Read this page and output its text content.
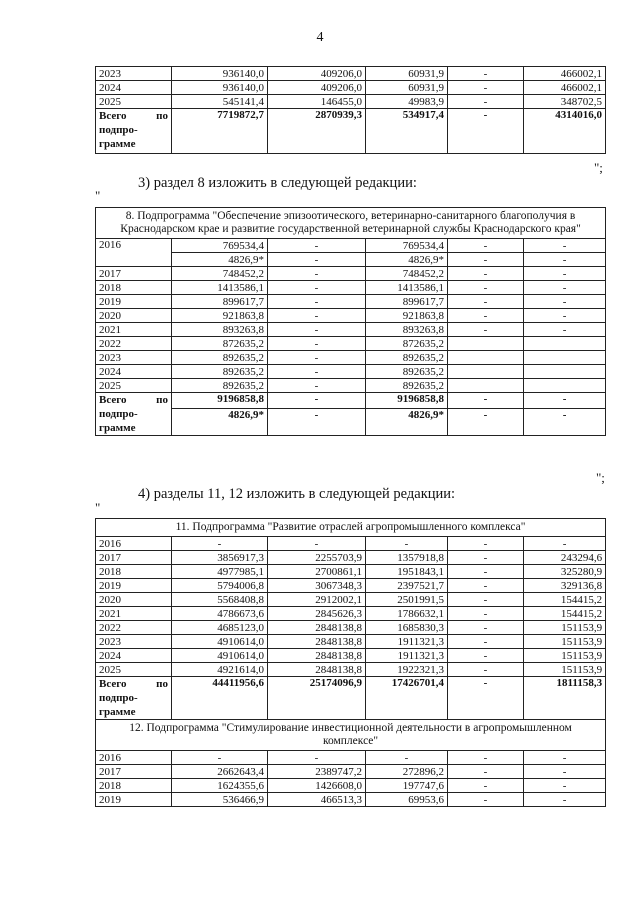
4
2023	936140,0	409206,0	60931,9	-	466002,1
2024	936140,0	409206,0	60931,9	-	466002,1
2025	545141,4	146455,0	49983,9	-	348702,5

Всего по
подпро-
грамме	7719872,7	2870939,3	534917,4	-	4314016,0
";
3) раздел 8 изложить в следующей редакции:
"
8. Подпрограмма "Обеспечение эпизоотического, ветеринарно-санитарного благополучия в Краснодарском крае и развитие государственной ветеринарной службы Краснодарского края"					
2016	769534,4	-	769534,4	-	-
	4826,9*	-	4826,9*	-	-
2017	748452,2	-	748452,2	-	-
2018	1413586,1	-	1413586,1	-	-
2019	899617,7	-	899617,7	-	-
2020	921863,8	-	921863,8	-	-
2021	893263,8	-	893263,8	-	-
2022	872635,2	-	872635,2		
2023	892635,2	-	892635,2		
2024	892635,2	-	892635,2		
2025	892635,2	-	892635,2		

Всего по
подпро-
грамме	9196858,8	-	9196858,8	-	-
	4826,9*	-	4826,9*	-	-
";
4) разделы 11, 12 изложить в следующей редакции:
"
11. Подпрограмма "Развитие отраслей агропромышленного комплекса"					
2016	-	-	-	-	-
2017	3856917,3	2255703,9	1357918,8	-	243294,6
2018	4977985,1	2700861,1	1951843,1	-	325280,9
2019	5794006,8	3067348,3	2397521,7	-	329136,8
2020	5568408,8	2912002,1	2501991,5	-	154415,2
2021	4786673,6	2845626,3	1786632,1	-	154415,2
2022	4685123,0	2848138,8	1685830,3	-	151153,9
2023	4910614,0	2848138,8	1911321,3	-	151153,9
2024	4910614,0	2848138,8	1911321,3	-	151153,9
2025	4921614,0	2848138,8	1922321,3	-	151153,9

Всего по
подпро-
грамме	44411956,6	25174096,9	17426701,4	-	1811158,3
12. Подпрограмма "Стимулирование инвестиционной деятельности в агропромышленном комплексе"					
2016	-	-	-	-	-
2017	2662643,4	2389747,2	272896,2	-	-
2018	1624355,6	1426608,0	197747,6	-	-
2019	536466,9	466513,3	69953,6	-	-
